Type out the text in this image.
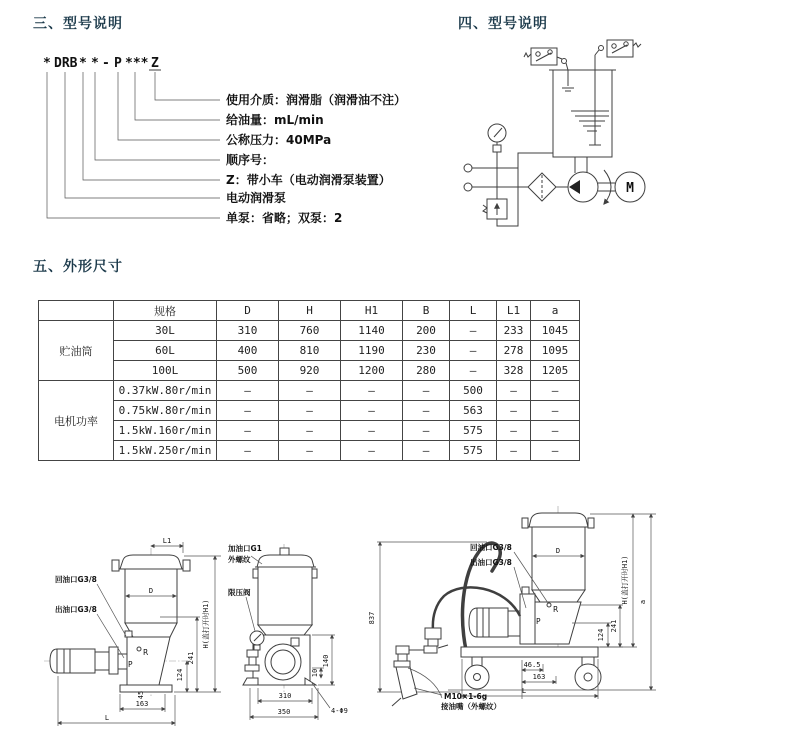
三、型号说明
* DRB * * - P *** Z
使用介质：润滑脂（润滑油不注）
给油量：mL/min
公称压力：40MPa
顺序号：
Z：带小车（电动润滑泵装置）
电动润滑泵
单泵：省略；双泵：2
四、型号说明
M
五、外形尺寸
	规格	D	H	H1	B	L	L1	a
贮油筒	30L	310	760	1140	200	—	233	1045
	60L	400	810	1190	230	—	278	1095
	100L	500	920	1200	280	—	328	1205
电机功率	0.37kW.80r/min	—	—	—	—	500	—	—
	0.75kW.80r/min	—	—	—	—	563	—	—
	1.5kW.160r/min	—	—	—	—	575	—	—
	1.5kW.250r/min	—	—	—	—	575	—	—
L1
D
H(盖打开时H1)
241
124
45
163
L
回油口G3/8
出油口G3/8
P
R
加油口G1
外螺纹
限压阀
310
350	4-Φ9
10
140
837
回油口G3/8
出油口G3/8
R
P
D
241
124
H(盖打开时H1) a
46.5
163
L
M10×1-6g
接油嘴（外螺纹）
